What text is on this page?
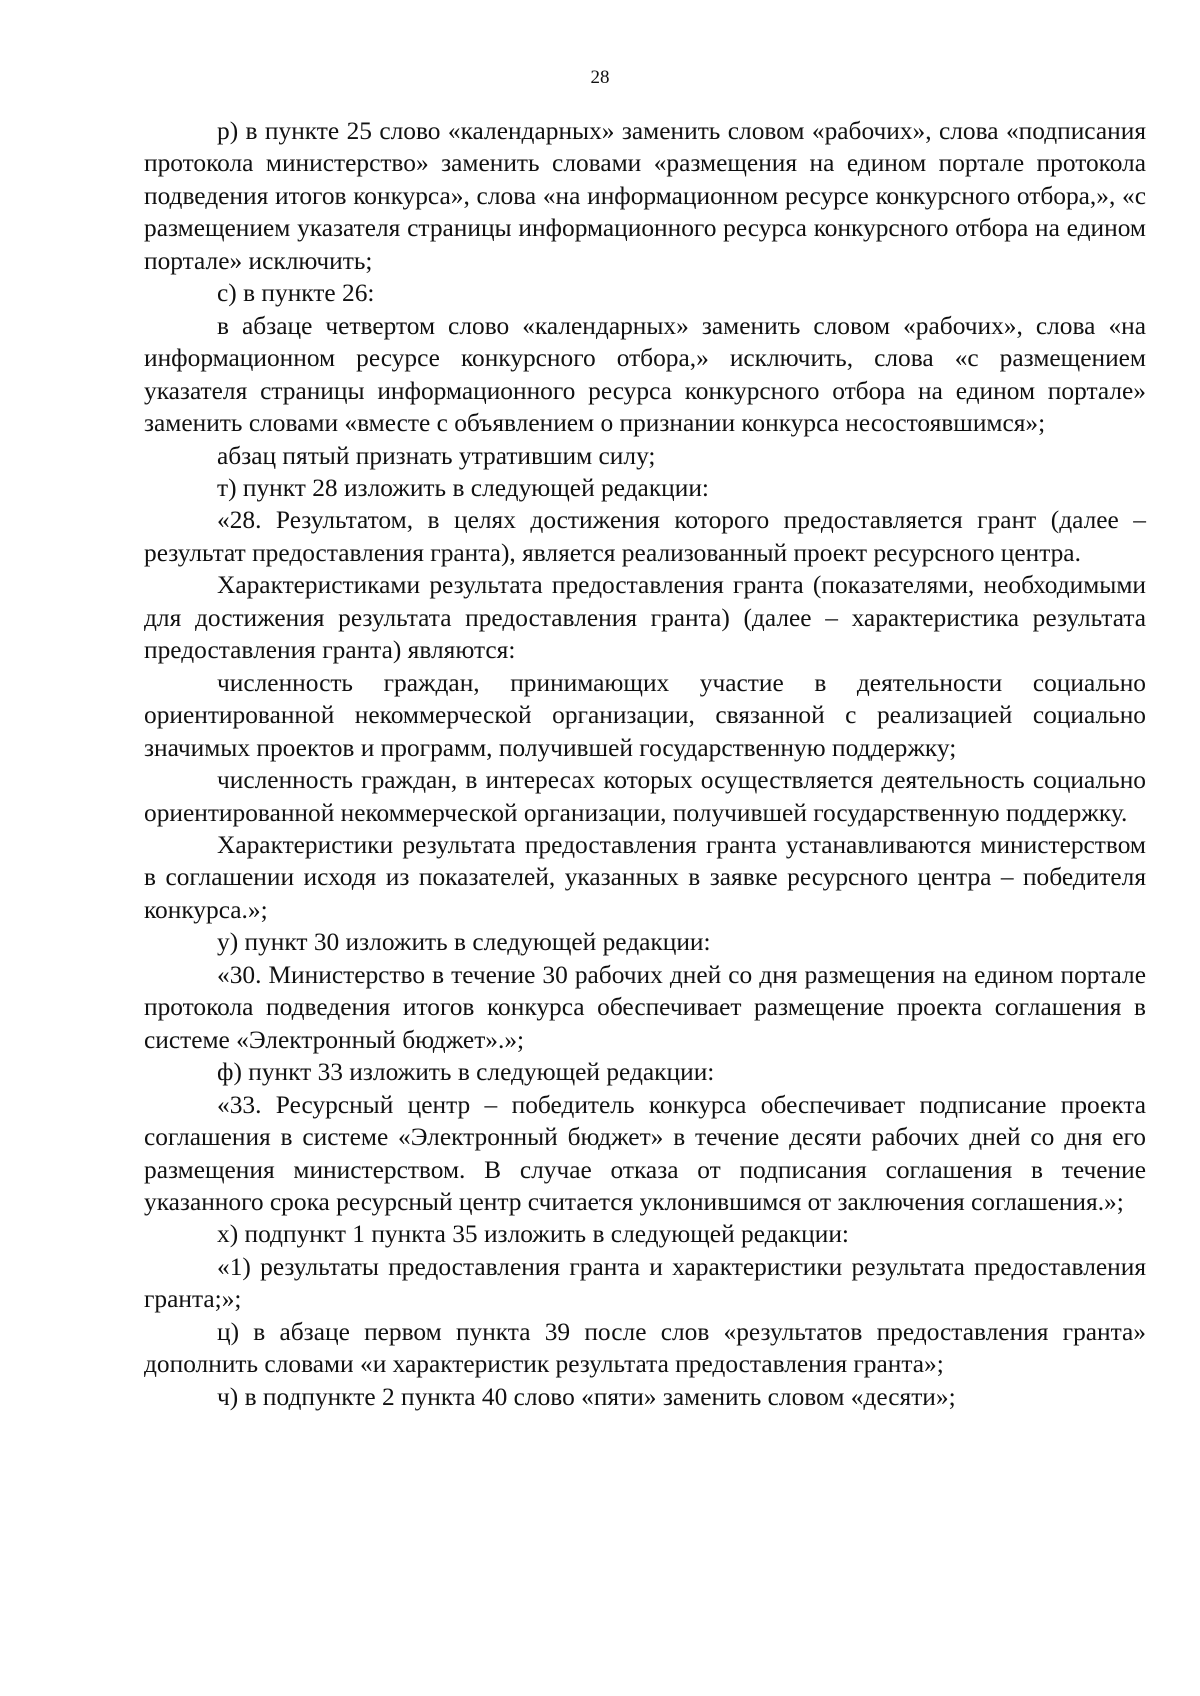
28

р) в пункте 25 слово «календарных» заменить словом «рабочих», слова «подписания протокола министерство» заменить словами «размещения на едином портале протокола подведения итогов конкурса», слова «на информационном ресурсе конкурсного отбора,», «с размещением указателя страницы информационного ресурса конкурсного отбора на едином портале» исключить;

с) в пункте 26:

в абзаце четвертом слово «календарных» заменить словом «рабочих», слова «на информационном ресурсе конкурсного отбора,» исключить, слова «с размещением указателя страницы информационного ресурса конкурсного отбора на едином портале» заменить словами «вместе с объявлением о признании конкурса несостоявшимся»;

абзац пятый признать утратившим силу;

т) пункт 28 изложить в следующей редакции:

«28. Результатом, в целях достижения которого предоставляется грант (далее – результат предоставления гранта), является реализованный проект ресурсного центра.

Характеристиками результата предоставления гранта (показателями, необходимыми для достижения результата предоставления гранта) (далее – характеристика результата предоставления гранта) являются:

численность граждан, принимающих участие в деятельности социально ориентированной некоммерческой организации, связанной с реализацией социально значимых проектов и программ, получившей государственную поддержку;

численность граждан, в интересах которых осуществляется деятельность социально ориентированной некоммерческой организации, получившей государственную поддержку.

Характеристики результата предоставления гранта устанавливаются министерством в соглашении исходя из показателей, указанных в заявке ресурсного центра – победителя конкурса.»;

у) пункт 30 изложить в следующей редакции:

«30. Министерство в течение 30 рабочих дней со дня размещения на едином портале протокола подведения итогов конкурса обеспечивает размещение проекта соглашения в системе «Электронный бюджет».»;

ф) пункт 33 изложить в следующей редакции:

«33. Ресурсный центр – победитель конкурса обеспечивает подписание проекта соглашения в системе «Электронный бюджет» в течение десяти рабочих дней со дня его размещения министерством. В случае отказа от подписания соглашения в течение указанного срока ресурсный центр считается уклонившимся от заключения соглашения.»;

х) подпункт 1 пункта 35 изложить в следующей редакции:

«1) результаты предоставления гранта и характеристики результата предоставления гранта;»;

ц) в абзаце первом пункта 39 после слов «результатов предоставления гранта» дополнить словами «и характеристик результата предоставления гранта»;

ч) в подпункте 2 пункта 40 слово «пяти» заменить словом «десяти»;
